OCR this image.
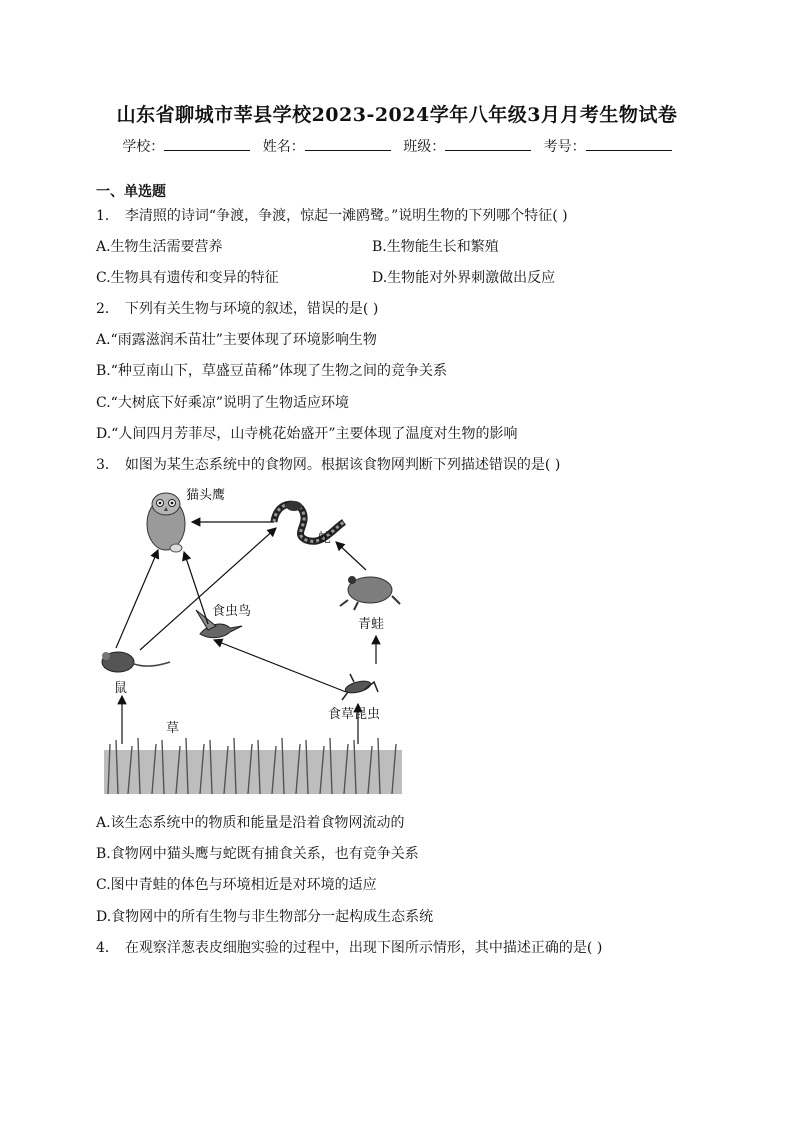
山东省聊城市莘县学校2023-2024学年八年级3月月考生物试卷
学校：	姓名：	班级：	考号：
一、单选题
1． 李清照的诗词“争渡，争渡，惊起一滩鸥鹭。”说明生物的下列哪个特征( )
A.生物生活需要营养	B.生物能生长和繁殖
C.生物具有遗传和变异的特征	D.生物能对外界刺激做出反应
2． 下列有关生物与环境的叙述，错误的是( )
A.“雨露滋润禾苗壮”主要体现了环境影响生物
B.“种豆南山下，草盛豆苗稀”体现了生物之间的竞争关系
C.“大树底下好乘凉”说明了生物适应环境
D.“人间四月芳菲尽，山寺桃花始盛开”主要体现了温度对生物的影响
3． 如图为某生态系统中的食物网。根据该食物网判断下列描述错误的是( )
猫头鹰
蛇
青蛙
食虫鸟
鼠
食草昆虫
草
A.该生态系统中的物质和能量是沿着食物网流动的
B.食物网中猫头鹰与蛇既有捕食关系，也有竞争关系
C.图中青蛙的体色与环境相近是对环境的适应
D.食物网中的所有生物与非生物部分一起构成生态系统
4． 在观察洋葱表皮细胞实验的过程中，出现下图所示情形，其中描述正确的是( )
